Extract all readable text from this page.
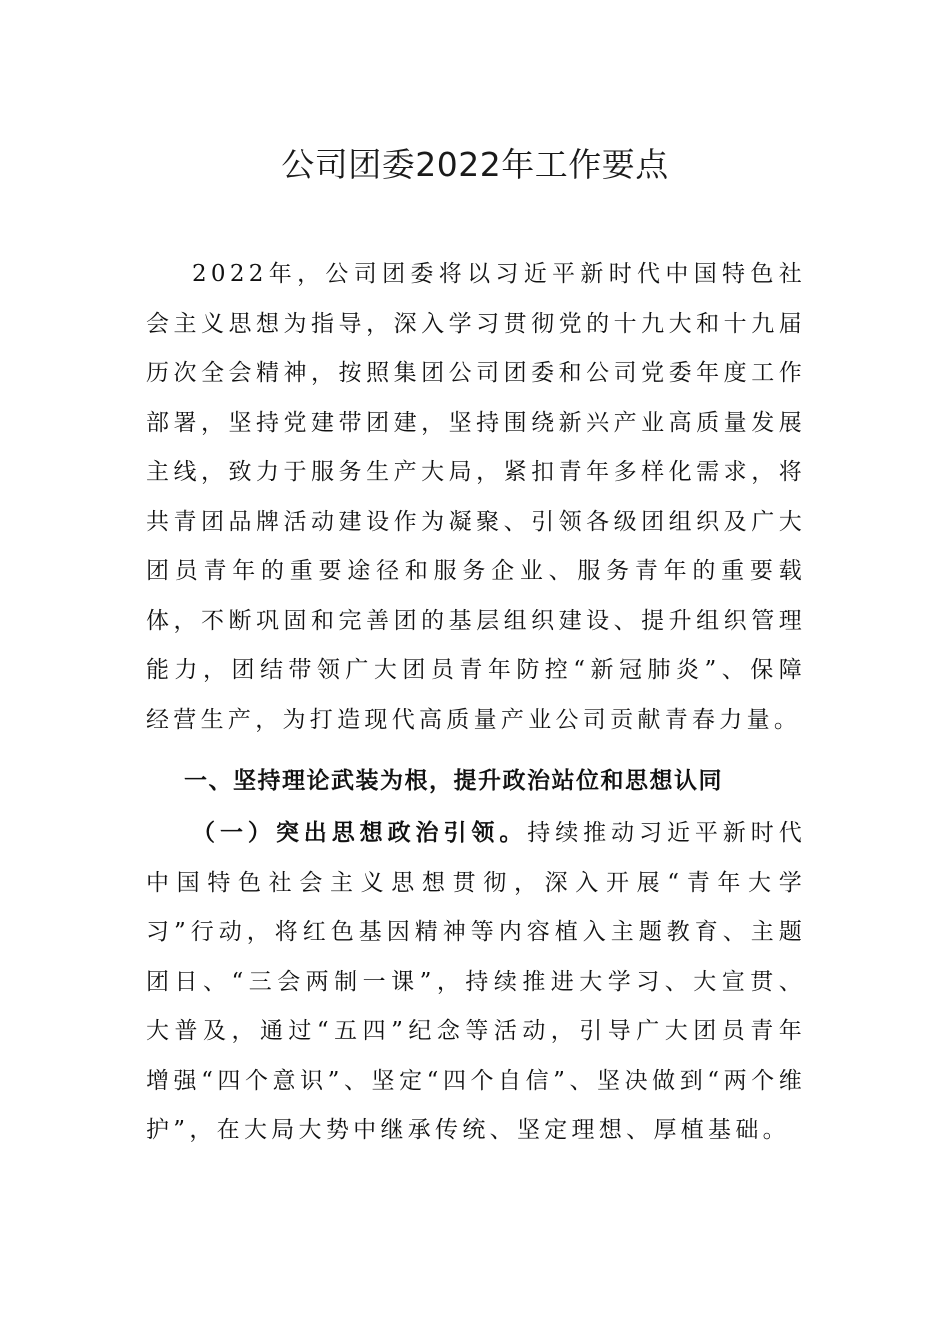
公司团委2022年工作要点

2022年，公司团委将以习近平新时代中国特色社会主义思想为指导，深入学习贯彻党的十九大和十九届历次全会精神，按照集团公司团委和公司党委年度工作部署，坚持党建带团建，坚持围绕新兴产业高质量发展主线，致力于服务生产大局，紧扣青年多样化需求，将共青团品牌活动建设作为凝聚、引领各级团组织及广大团员青年的重要途径和服务企业、服务青年的重要载体，不断巩固和完善团的基层组织建设、提升组织管理能力，团结带领广大团员青年防控“新冠肺炎”、保障经营生产，为打造现代高质量产业公司贡献青春力量。

一、坚持理论武装为根，提升政治站位和思想认同

（一）突出思想政治引领。持续推动习近平新时代中国特色社会主义思想贯彻，深入开展“青年大学习”行动，将红色基因精神等内容植入主题教育、主题团日、“三会两制一课”，持续推进大学习、大宣贯、大普及，通过“五四”纪念等活动，引导广大团员青年增强“四个意识”、坚定“四个自信”、坚决做到“两个维护”，在大局大势中继承传统、坚定理想、厚植基础。
